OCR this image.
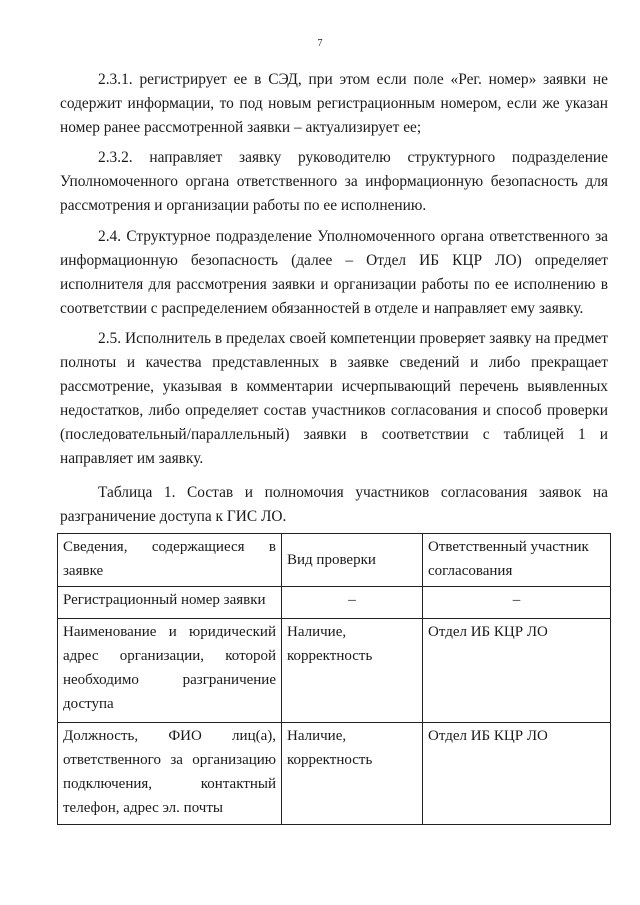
7

2.3.1. регистрирует ее в СЭД, при этом если поле «Рег. номер» заявки не содержит информации, то под новым регистрационным номером, если же указан номер ранее рассмотренной заявки – актуализирует ее;

2.3.2. направляет заявку руководителю структурного подразделение Уполномоченного органа ответственного за информационную безопасность для рассмотрения и организации работы по ее исполнению.

2.4. Структурное подразделение Уполномоченного органа ответственного за информационную безопасность (далее – Отдел ИБ КЦР ЛО) определяет исполнителя для рассмотрения заявки и организации работы по ее исполнению в соответствии с распределением обязанностей в отделе и направляет ему заявку.

2.5. Исполнитель в пределах своей компетенции проверяет заявку на предмет полноты и качества представленных в заявке сведений и либо прекращает рассмотрение, указывая в комментарии исчерпывающий перечень выявленных недостатков, либо определяет состав участников согласования и способ проверки (последовательный/параллельный) заявки в соответствии с таблицей 1 и направляет им заявку.

Таблица 1. Состав и полномочия участников согласования заявок на разграничение доступа к ГИС ЛО.

Сведения, содержащиеся в заявке	Вид проверки	Ответственный участник согласования
Регистрационный номер заявки	–	–
Наименование и юридический адрес организации, которой необходимо разграничение доступа	Наличие, корректность	Отдел ИБ КЦР ЛО
Должность, ФИО лиц(а), ответственного за организацию подключения, контактный телефон, адрес эл. почты	Наличие, корректность	Отдел ИБ КЦР ЛО
